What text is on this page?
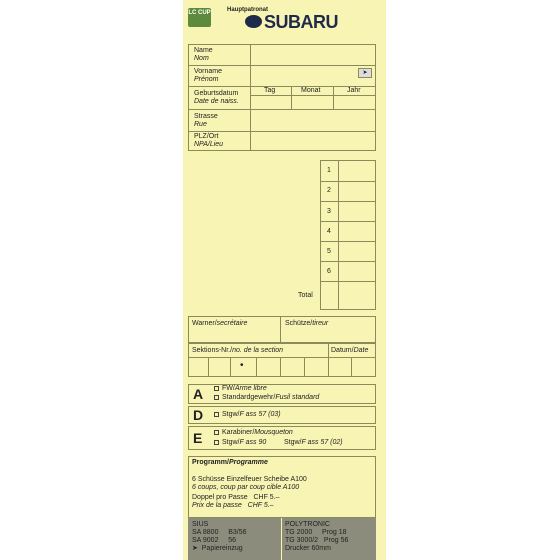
LC CUP	Hauptpatronat
SUBARU
Name
Nom
Vorname
Prénom
➤
Geburtsdatum
Date de naiss.
Tag	Monat	Jahr
Strasse
Rue
PLZ/Ort
NPA/Lieu
1
2
3
4
5
6
Total
Warner/secrétaire	Schütze/tireur
Sektions-Nr./no. de la section	Datum/Date
•
A	FW/Arme libre
Standardgewehr/Fusil standard
D	Stgw/F ass 57 (03)
E	Karabiner/Mousqueton
Stgw/F ass 90	Stgw/F ass 57 (02)
Programm/Programme
6 Schüsse Einzelfeuer Scheibe A100
6 coups, coup par coup cible A100
Doppel pro Passe   CHF 5.–
Prix de la passe   CHF 5.–
SIUS
SA 8800     B3/56
SA 9002     56
➤  Papiereinzug
POLYTRONIC
TG 2000     Prog 18
TG 3000/2   Prog 56
Drucker 60mm
